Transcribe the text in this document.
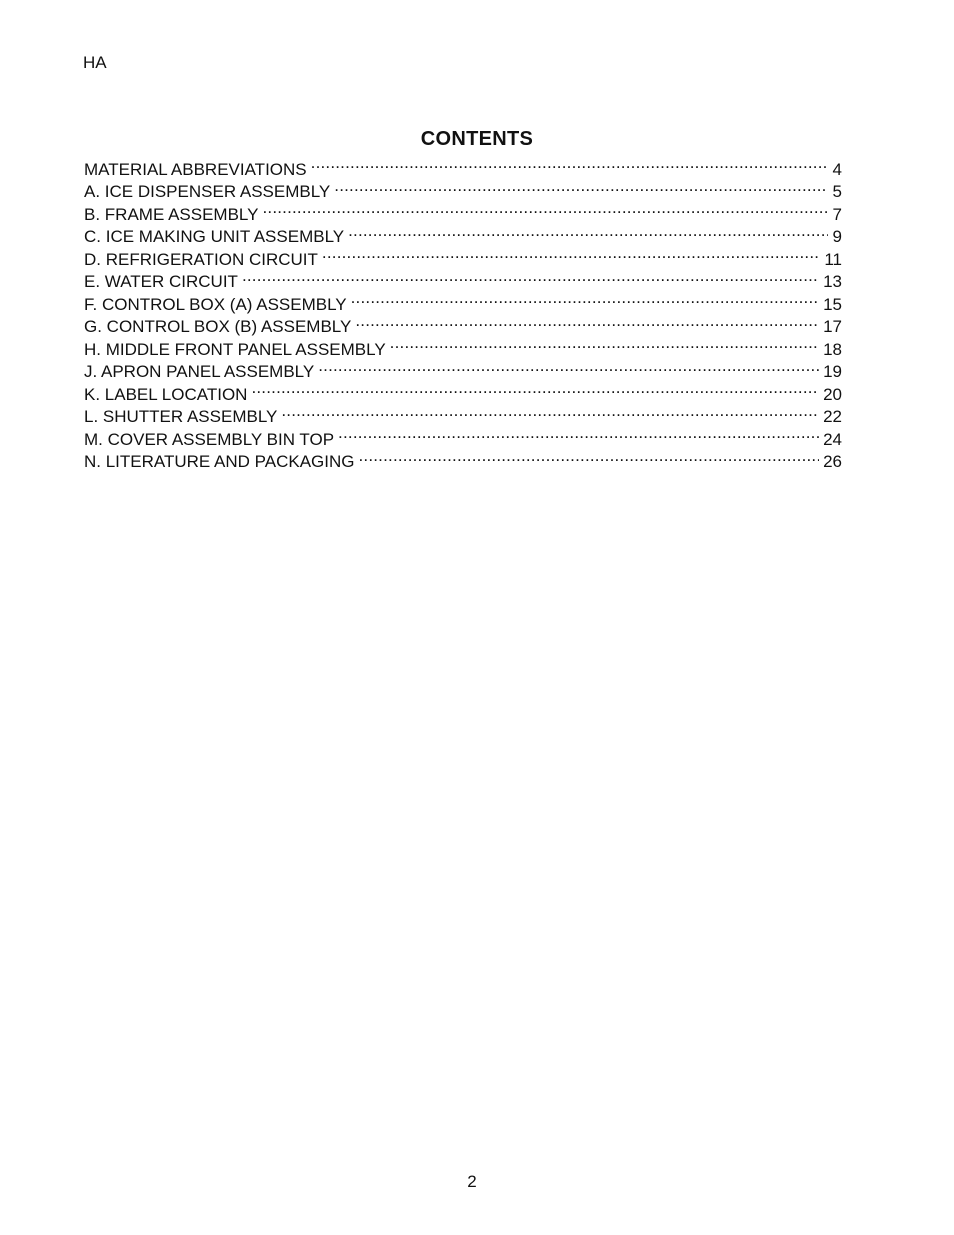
HA
CONTENTS
MATERIAL ABBREVIATIONS .....	4
A. ICE DISPENSER ASSEMBLY .....	5
B. FRAME ASSEMBLY .....	7
C. ICE MAKING UNIT ASSEMBLY .....	9
D. REFRIGERATION CIRCUIT .....	11
E. WATER CIRCUIT .....	13
F. CONTROL BOX (A) ASSEMBLY .....	15
G. CONTROL BOX (B) ASSEMBLY .....	17
H. MIDDLE FRONT PANEL ASSEMBLY .....	18
J. APRON PANEL ASSEMBLY .....	19
K. LABEL LOCATION .....	20
L. SHUTTER ASSEMBLY .....	22
M. COVER ASSEMBLY BIN TOP .....	24
N. LITERATURE AND PACKAGING .....	26
2
